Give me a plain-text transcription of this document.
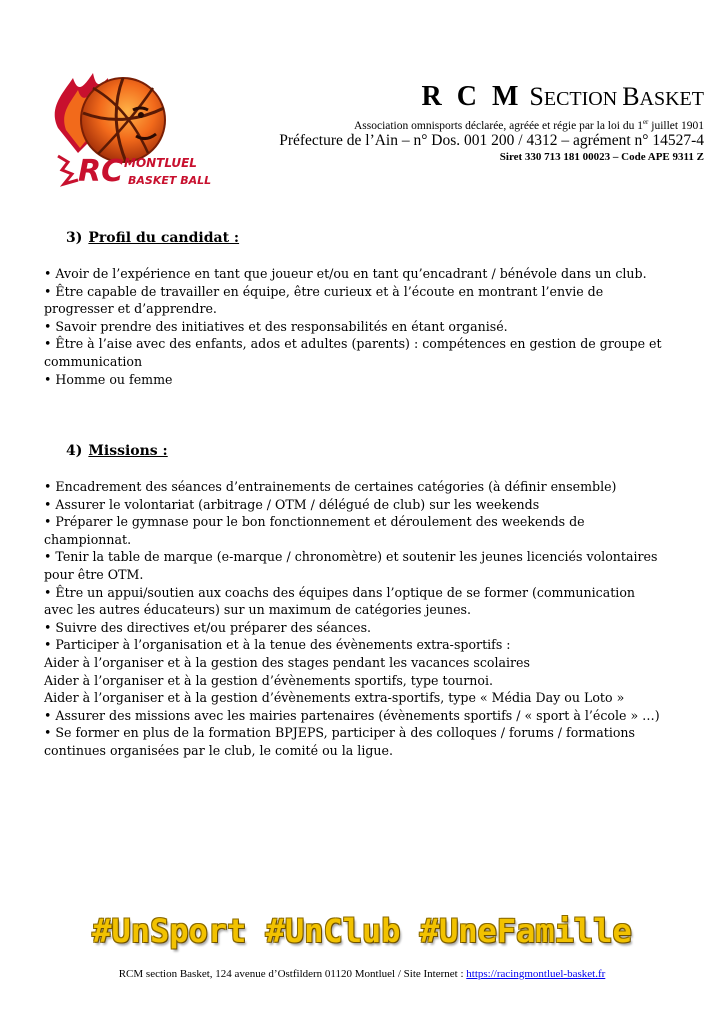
RC MONTLUEL
BASKET BALL
R C M SECTION BASKET
Association omnisports déclarée, agréée et régie par la loi du 1er juillet 1901
Préfecture de l’Ain – n° Dos. 001 200 / 4312 – agrément n° 14527-4
Siret 330 713 181 00023 – Code APE 9311 Z
3) Profil du candidat :

• Avoir de l’expérience en tant que joueur et/ou en tant qu’encadrant / bénévole dans un club.

• Être capable de travailler en équipe, être curieux et à l’écoute en montrant l’envie de progresser et d’apprendre.

• Savoir prendre des initiatives et des responsabilités en étant organisé.

• Être à l’aise avec des enfants, ados et adultes (parents) : compétences en gestion de groupe et communication

• Homme ou femme

4) Missions :

• Encadrement des séances d’entrainements de certaines catégories (à définir ensemble)

• Assurer le volontariat (arbitrage / OTM / délégué de club) sur les weekends

• Préparer le gymnase pour le bon fonctionnement et déroulement des weekends de championnat.

• Tenir la table de marque (e-marque / chronomètre) et soutenir les jeunes licenciés volontaires pour être OTM.

• Être un appui/soutien aux coachs des équipes dans l’optique de se former (communication avec les autres éducateurs) sur un maximum de catégories jeunes.

• Suivre des directives et/ou préparer des séances.

• Participer à l’organisation et à la tenue des évènements extra-sportifs :

Aider à l’organiser et à la gestion des stages pendant les vacances scolaires

Aider à l’organiser et à la gestion d’évènements sportifs, type tournoi.

Aider à l’organiser et à la gestion d’évènements extra-sportifs, type « Média Day ou Loto »

• Assurer des missions avec les mairies partenaires (évènements sportifs / « sport à l’école » …)

• Se former en plus de la formation BPJEPS, participer à des colloques / forums / formations continues organisées par le club, le comité ou la ligue.

#UnSport #UnClub #UneFamille
RCM section Basket, 124 avenue d’Ostfildern 01120 Montluel / Site Internet : https://racingmontluel-basket.fr
